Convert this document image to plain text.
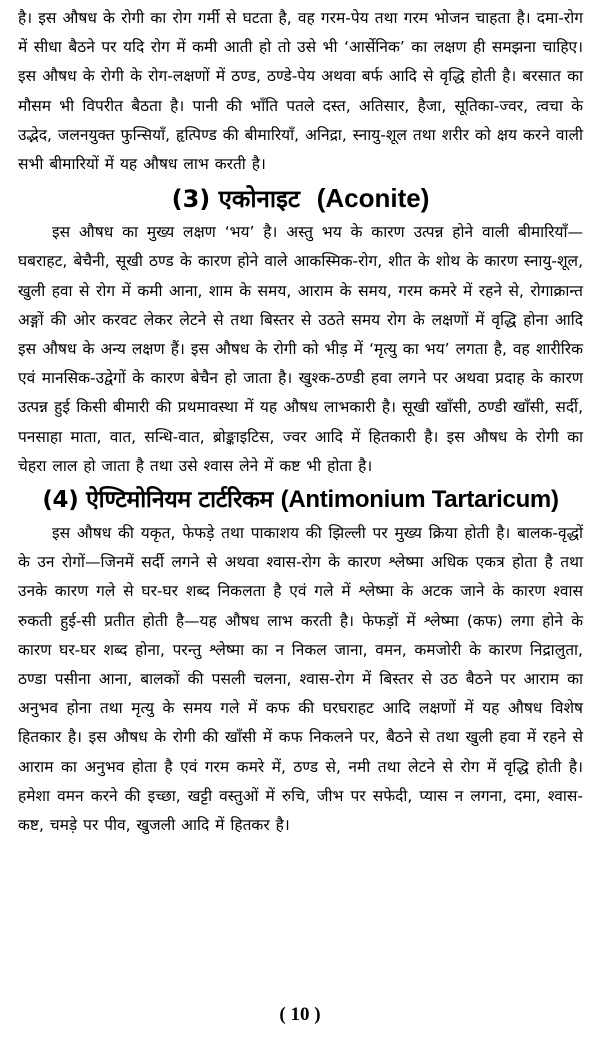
है। इस औषध के रोगी का रोग गर्मी से घटता है, वह गरम-पेय तथा गरम भोजन चाहता है। दमा-रोग में सीधा बैठने पर यदि रोग में कमी आती हो तो उसे भी ‘आर्सेनिक’ का लक्षण ही समझना चाहिए। इस औषध के रोगी के रोग-लक्षणों में ठण्ड, ठण्डे-पेय अथवा बर्फ आदि से वृद्धि होती है। बरसात का मौसम भी विपरीत बैठता है। पानी की भाँति पतले दस्त, अतिसार, हैजा, सूतिका-ज्वर, त्वचा के उद्भेद, जलनयुक्त फुन्सियाँ, हृत्पिण्ड की बीमारियाँ, अनिद्रा, स्नायु-शूल तथा शरीर को क्षय करने वाली सभी बीमारियों में यह औषध लाभ करती है।

(3) एकोनाइट (Aconite)

इस औषध का मुख्य लक्षण ‘भय’ है। अस्तु भय के कारण उत्पन्न होने वाली बीमारियाँ—घबराहट, बेचैनी, सूखी ठण्ड के कारण होने वाले आकस्मिक-रोग, शीत के शोथ के कारण स्नायु-शूल, खुली हवा से रोग में कमी आना, शाम के समय, आराम के समय, गरम कमरे में रहने से, रोगाक्रान्त अङ्गों की ओर करवट लेकर लेटने से तथा बिस्तर से उठते समय रोग के लक्षणों में वृद्धि होना आदि इस औषध के अन्य लक्षण हैं। इस औषध के रोगी को भीड़ में ‘मृत्यु का भय’ लगता है, वह शारीरिक एवं मानसिक-उद्वेगों के कारण बेचैन हो जाता है। खुश्क-ठण्डी हवा लगने पर अथवा प्रदाह के कारण उत्पन्न हुई किसी बीमारी की प्रथमावस्था में यह औषध लाभकारी है। सूखी खाँसी, ठण्डी खाँसी, सर्दी, पनसाहा माता, वात, सन्धि-वात, ब्रोङ्काइटिस, ज्वर आदि में हितकारी है। इस औषध के रोगी का चेहरा लाल हो जाता है तथा उसे श्वास लेने में कष्ट भी होता है।

(4) ऐण्टिमोनियम टार्टरिकम (Antimonium Tartaricum)

इस औषध की यकृत, फेफड़े तथा पाकाशय की झिल्ली पर मुख्य क्रिया होती है। बालक-वृद्धों के उन रोगों—जिनमें सर्दी लगने से अथवा श्वास-रोग के कारण श्लेष्मा अधिक एकत्र होता है तथा उनके कारण गले से घर-घर शब्द निकलता है एवं गले में श्लेष्मा के अटक जाने के कारण श्वास रुकती हुई-सी प्रतीत होती है—यह औषध लाभ करती है। फेफड़ों में श्लेष्मा (कफ) लगा होने के कारण घर-घर शब्द होना, परन्तु श्लेष्मा का न निकल जाना, वमन, कमजोरी के कारण निद्रालुता, ठण्डा पसीना आना, बालकों की पसली चलना, श्वास-रोग में बिस्तर से उठ बैठने पर आराम का अनुभव होना तथा मृत्यु के समय गले में कफ की घरघराहट आदि लक्षणों में यह औषध विशेष हितकार है। इस औषध के रोगी की खाँसी में कफ निकलने पर, बैठने से तथा खुली हवा में रहने से आराम का अनुभव होता है एवं गरम कमरे में, ठण्ड से, नमी तथा लेटने से रोग में वृद्धि होती है। हमेशा वमन करने की इच्छा, खट्टी वस्तुओं में रुचि, जीभ पर सफेदी, प्यास न लगना, दमा, श्वास-कष्ट, चमड़े पर पीव, खुजली आदि में हितकर है।

( 10 )
